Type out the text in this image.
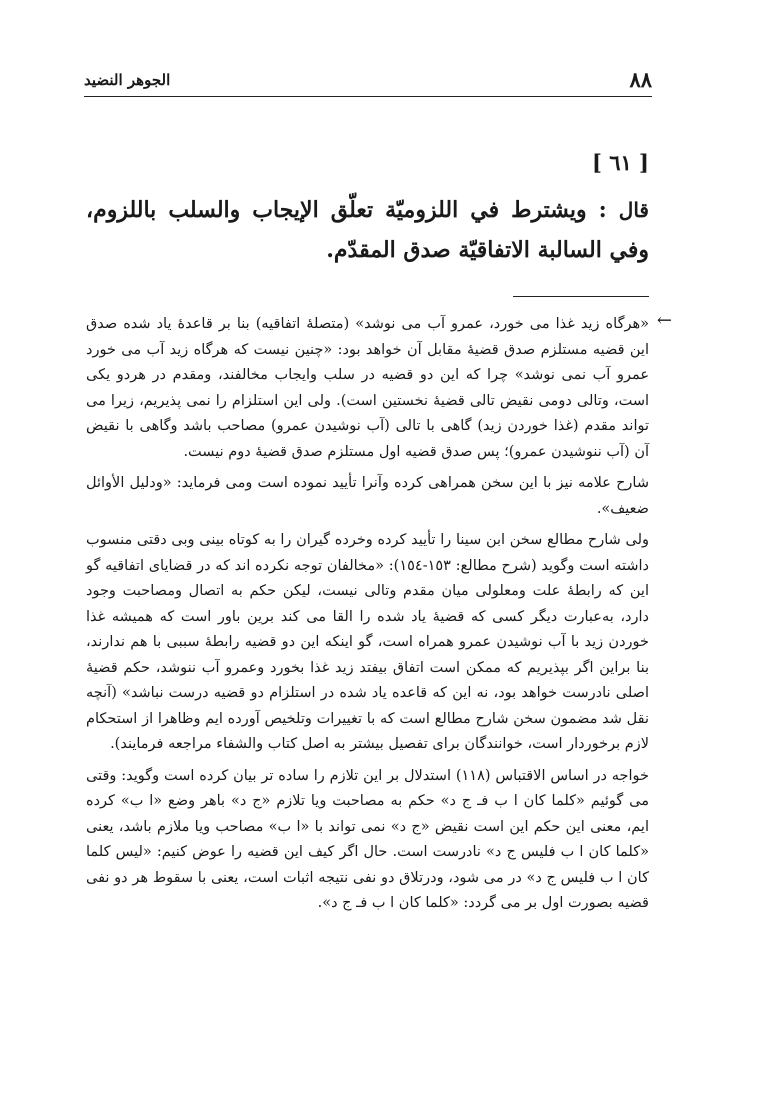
٨٨
الجوهر النضيد
[ ٦١ ]
قال : ويشترط في اللزوميّة تعلّق الإيجاب والسلب باللزوم، وفي السالبة الاتفاقيّة صدق المقدّم.
←

«هرگاه زيد غذا مى خورد، عمرو آب مى نوشد» (متصلهٔ اتفاقيه) بنا بر قاعدهٔ ياد شده صدق اين قضيه مستلزم صدق قضيهٔ مقابل آن خواهد بود: «چنين نيست كه هرگاه زيد آب مى خورد عمرو آب نمى نوشد» چرا كه اين دو قضيه در سلب وايجاب مخالفند، ومقدم در هردو يكى است، وتالى دومى نقيض تالى قضيهٔ نخستين است). ولى اين استلزام را نمى پذيريم، زيرا مى تواند مقدم (غذا خوردن زيد) گاهى با تالى (آب نوشيدن عمرو) مصاحب باشد وگاهى با نقيض آن (آب ننوشيدن عمرو)؛ پس صدق قضيه اول مستلزم صدق قضيهٔ دوم نيست.

شارح علامه نيز با اين سخن همراهى كرده وآنرا تأييد نموده است ومى فرمايد: «ودليل الأوائل ضعيف».

ولى شارح مطالع سخن ابن سينا را تأييد كرده وخرده گيران را به كوتاه بينى وبى دقتى منسوب داشته است وگويد (شرح مطالع: ١٥٣-١٥٤): «مخالفان توجه نكرده اند كه در قضاياى اتفاقيه گو اين كه رابطهٔ علت ومعلولى ميان مقدم وتالى نيست، ليكن حكم به اتصال ومصاحبت وجود دارد، به‌عبارت ديگر كسى كه قضيهٔ ياد شده را القا مى كند برين باور است كه هميشه غذا خوردن زيد با آب نوشيدن عمرو همراه است، گو اينكه اين دو قضيه رابطهٔ سببى با هم ندارند، بنا براين اگر بپذيريم كه ممكن است اتفاق بيفتد زيد غذا بخورد وعمرو آب ننوشد، حكم قضيهٔ اصلى نادرست خواهد بود، نه اين كه قاعده ياد شده در استلزام دو قضيه درست نباشد» (آنچه نقل شد مضمون سخن شارح مطالع است كه با تغييرات وتلخيص آورده ايم وظاهرا از استحكام لازم برخوردار است، خوانندگان براى تفصيل بيشتر به اصل كتاب والشفاء مراجعه فرمايند).

خواجه در اساس الاقتباس (١١٨) استدلال بر اين تلازم را ساده تر بيان كرده است وگويد: وقتى مى گوئيم «كلما كان ا ب فـ ج د» حكم به مصاحبت ويا تلازم «ج د» باهر وضع «ا ب» كرده ايم، معنى اين حكم اين است نقيض «ج د» نمى تواند با «ا ب» مصاحب ويا ملازم باشد، يعنى «كلما كان ا ب فليس ج د» نادرست است. حال اگر كيف اين قضيه را عوض كنيم: «ليس كلما كان ا ب فليس ج د» در مى شود، ودرتلاق دو نفى نتيجه اثبات است، يعنى با سقوط هر دو نفى قضيه بصورت اول بر مى گردد: «كلما كان ا ب فـ ج د».
